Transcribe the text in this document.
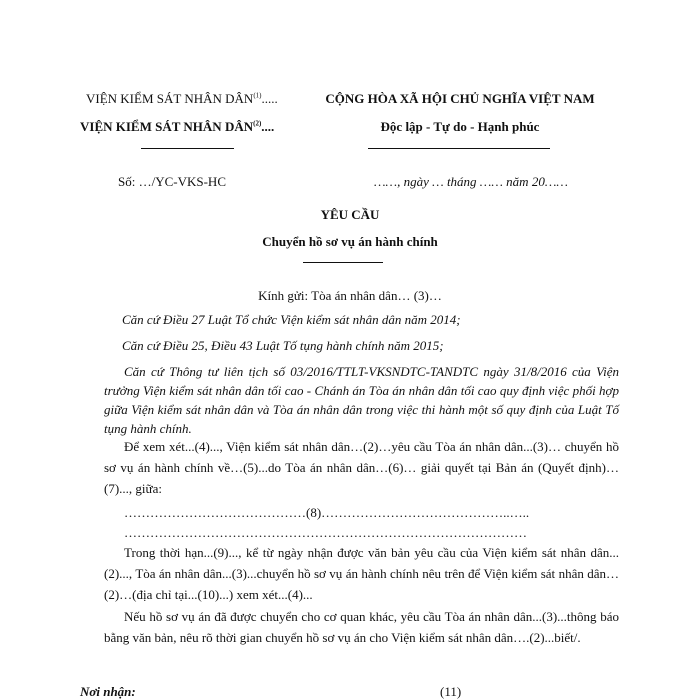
VIỆN KIỂM SÁT NHÂN DÂN$^{(1)}$.....
VIỆN KIỂM SÁT NHÂN DÂN$^{(2)}$....
CỘNG HÒA XÃ HỘI CHỦ NGHĨA VIỆT NAM
Độc lập - Tự do - Hạnh phúc
Số: …/YC-VKS-HC	……, ngày … tháng …… năm 20……
YÊU CẦU
Chuyển hồ sơ vụ án hành chính
Kính gửi: Tòa án nhân dân… (3)…
Căn cứ Điều 27 Luật Tổ chức Viện kiểm sát nhân dân năm 2014;
Căn cứ Điều 25, Điều 43 Luật Tố tụng hành chính năm 2015;
Căn cứ Thông tư liên tịch số 03/2016/TTLT-VKSNDTC-TANDTC ngày 31/8/2016 của Viện trưởng Viện kiểm sát nhân dân tối cao - Chánh án Tòa án nhân dân tối cao quy định việc phối hợp giữa Viện kiểm sát nhân dân và Tòa án nhân dân trong việc thi hành một số quy định của Luật Tố tụng hành chính.
Để xem xét...(4)..., Viện kiểm sát nhân dân…(2)…yêu cầu Tòa án nhân dân...(3)… chuyển hồ sơ vụ án hành chính về…(5)...do Tòa án nhân dân…(6)… giải quyết tại Bản án (Quyết định)…(7)..., giữa:
……………………………………(8)……………………………………..…..
…………………………………………………………………………………
Trong thời hạn...(9)..., kể từ ngày nhận được văn bản yêu cầu của Viện kiểm sát nhân dân...(2)..., Tòa án nhân dân...(3)...chuyển hồ sơ vụ án hành chính nêu trên để Viện kiểm sát nhân dân…(2)…(địa chỉ tại...(10)...) xem xét...(4)...
Nếu hồ sơ vụ án đã được chuyển cho cơ quan khác, yêu cầu Tòa án nhân dân...(3)...thông báo bằng văn bản, nêu rõ thời gian chuyển hồ sơ vụ án cho Viện kiểm sát nhân dân….(2)...biết/.
Nơi nhận:	(11)
